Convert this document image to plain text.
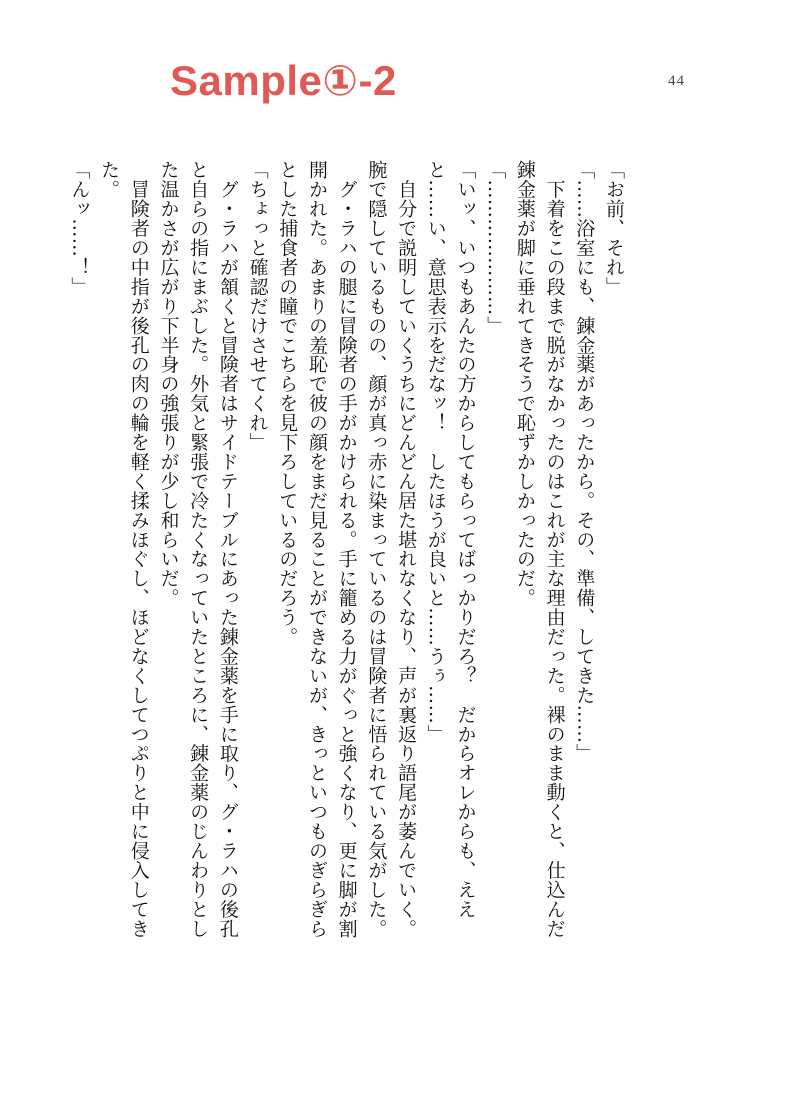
Sample①-2	44

「お前、それ」

「……浴室にも、錬金薬があったから。その、準備、してきた……」

　下着をこの段まで脱がなかったのはこれが主な理由だった。裸のまま動くと、仕込んだ錬金薬が脚に垂れてきそうで恥ずかしかったのだ。

「…………………」

「いッ、いつもあんたの方からしてもらってばっかりだろ？　だからオレからも、ええと……い、意思表示をだなッ！　したほうが良いと……うぅ……」

　自分で説明していくうちにどんどん居た堪れなくなり、声が裏返り語尾が萎んでいく。腕で隠しているものの、顔が真っ赤に染まっているのは冒険者に悟られている気がした。

　グ・ラハの腿に冒険者の手がかけられる。手に籠める力がぐっと強くなり、更に脚が割開かれた。あまりの羞恥で彼の顔をまだ見ることができないが、きっといつものぎらぎらとした捕食者の瞳でこちらを見下ろしているのだろう。

「ちょっと確認だけさせてくれ」

　グ・ラハが頷くと冒険者はサイドテーブルにあった錬金薬を手に取り、グ・ラハの後孔と自らの指にまぶした。外気と緊張で冷たくなっていたところに、錬金薬のじんわりとした温かさが広がり下半身の強張りが少し和らいだ。

　冒険者の中指が後孔の肉の輪を軽く揉みほぐし、ほどなくしてつぷりと中に侵入してきた。

「んッ……！」
